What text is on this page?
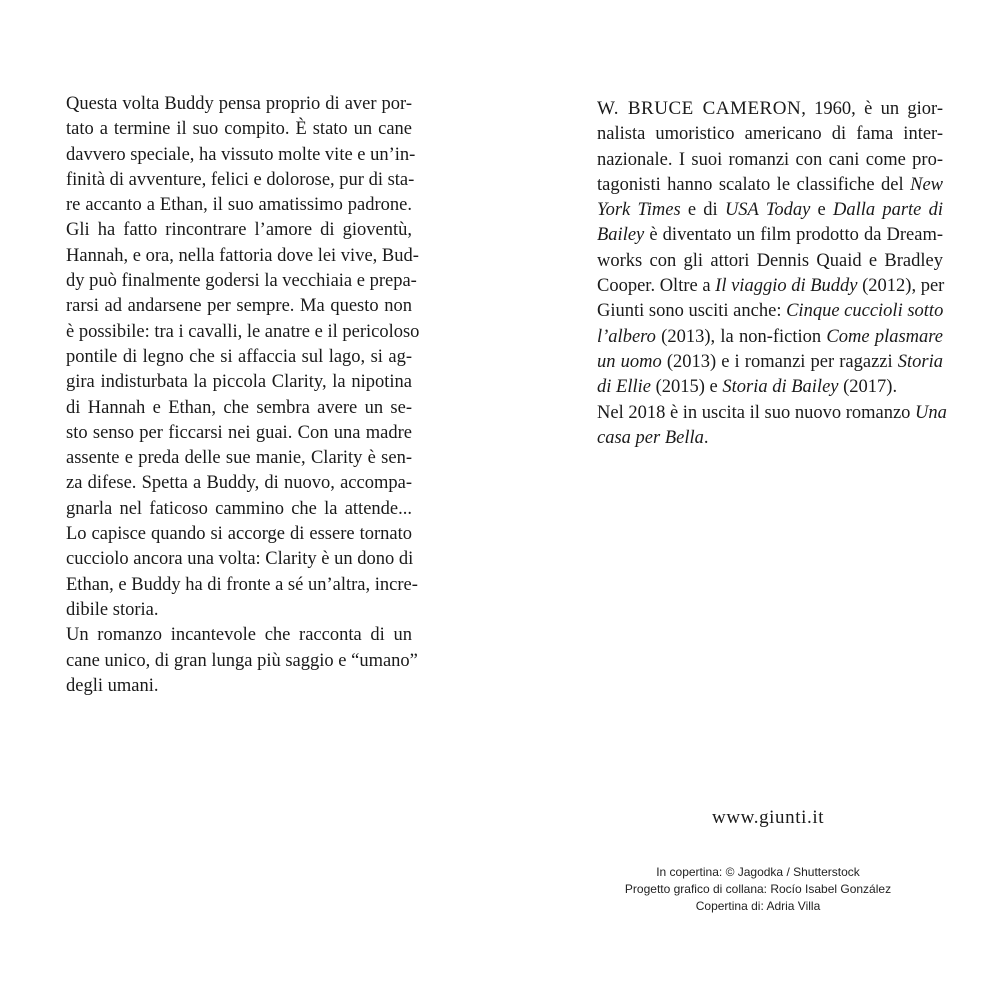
Questa volta Buddy pensa proprio di aver por-
tato a termine il suo compito. È stato un cane
davvero speciale, ha vissuto molte vite e un’in-
finità di avventure, felici e dolorose, pur di sta-
re accanto a Ethan, il suo amatissimo padrone.
Gli ha fatto rincontrare l’amore di gioventù,
Hannah, e ora, nella fattoria dove lei vive, Bud-
dy può finalmente godersi la vecchiaia e prepa-
rarsi ad andarsene per sempre. Ma questo non
è possibile: tra i cavalli, le anatre e il pericoloso
pontile di legno che si affaccia sul lago, si ag-
gira indisturbata la piccola Clarity, la nipotina
di Hannah e Ethan, che sembra avere un se-
sto senso per ficcarsi nei guai. Con una madre
assente e preda delle sue manie, Clarity è sen-
za difese. Spetta a Buddy, di nuovo, accompa-
gnarla nel faticoso cammino che la attende...
Lo capisce quando si accorge di essere tornato
cucciolo ancora una volta: Clarity è un dono di
Ethan, e Buddy ha di fronte a sé un’altra, incre-
dibile storia.
Un romanzo incantevole che racconta di un
cane unico, di gran lunga più saggio e “umano”
degli umani.
W. BRUCE CAMERON, 1960, è un gior-
nalista umoristico americano di fama inter-
nazionale. I suoi romanzi con cani come pro-
tagonisti hanno scalato le classifiche del New
York Times e di USA Today e Dalla parte di
Bailey è diventato un film prodotto da Dream-
works con gli attori Dennis Quaid e Bradley
Cooper. Oltre a Il viaggio di Buddy (2012), per
Giunti sono usciti anche: Cinque cuccioli sotto
l’albero (2013), la non-fiction Come plasmare
un uomo (2013) e i romanzi per ragazzi Storia
di Ellie (2015) e Storia di Bailey (2017).
Nel 2018 è in uscita il suo nuovo romanzo Una
casa per Bella.
www.giunti.it
In copertina: © Jagodka / Shutterstock
Progetto grafico di collana: Rocío Isabel González
Copertina di: Adria Villa
